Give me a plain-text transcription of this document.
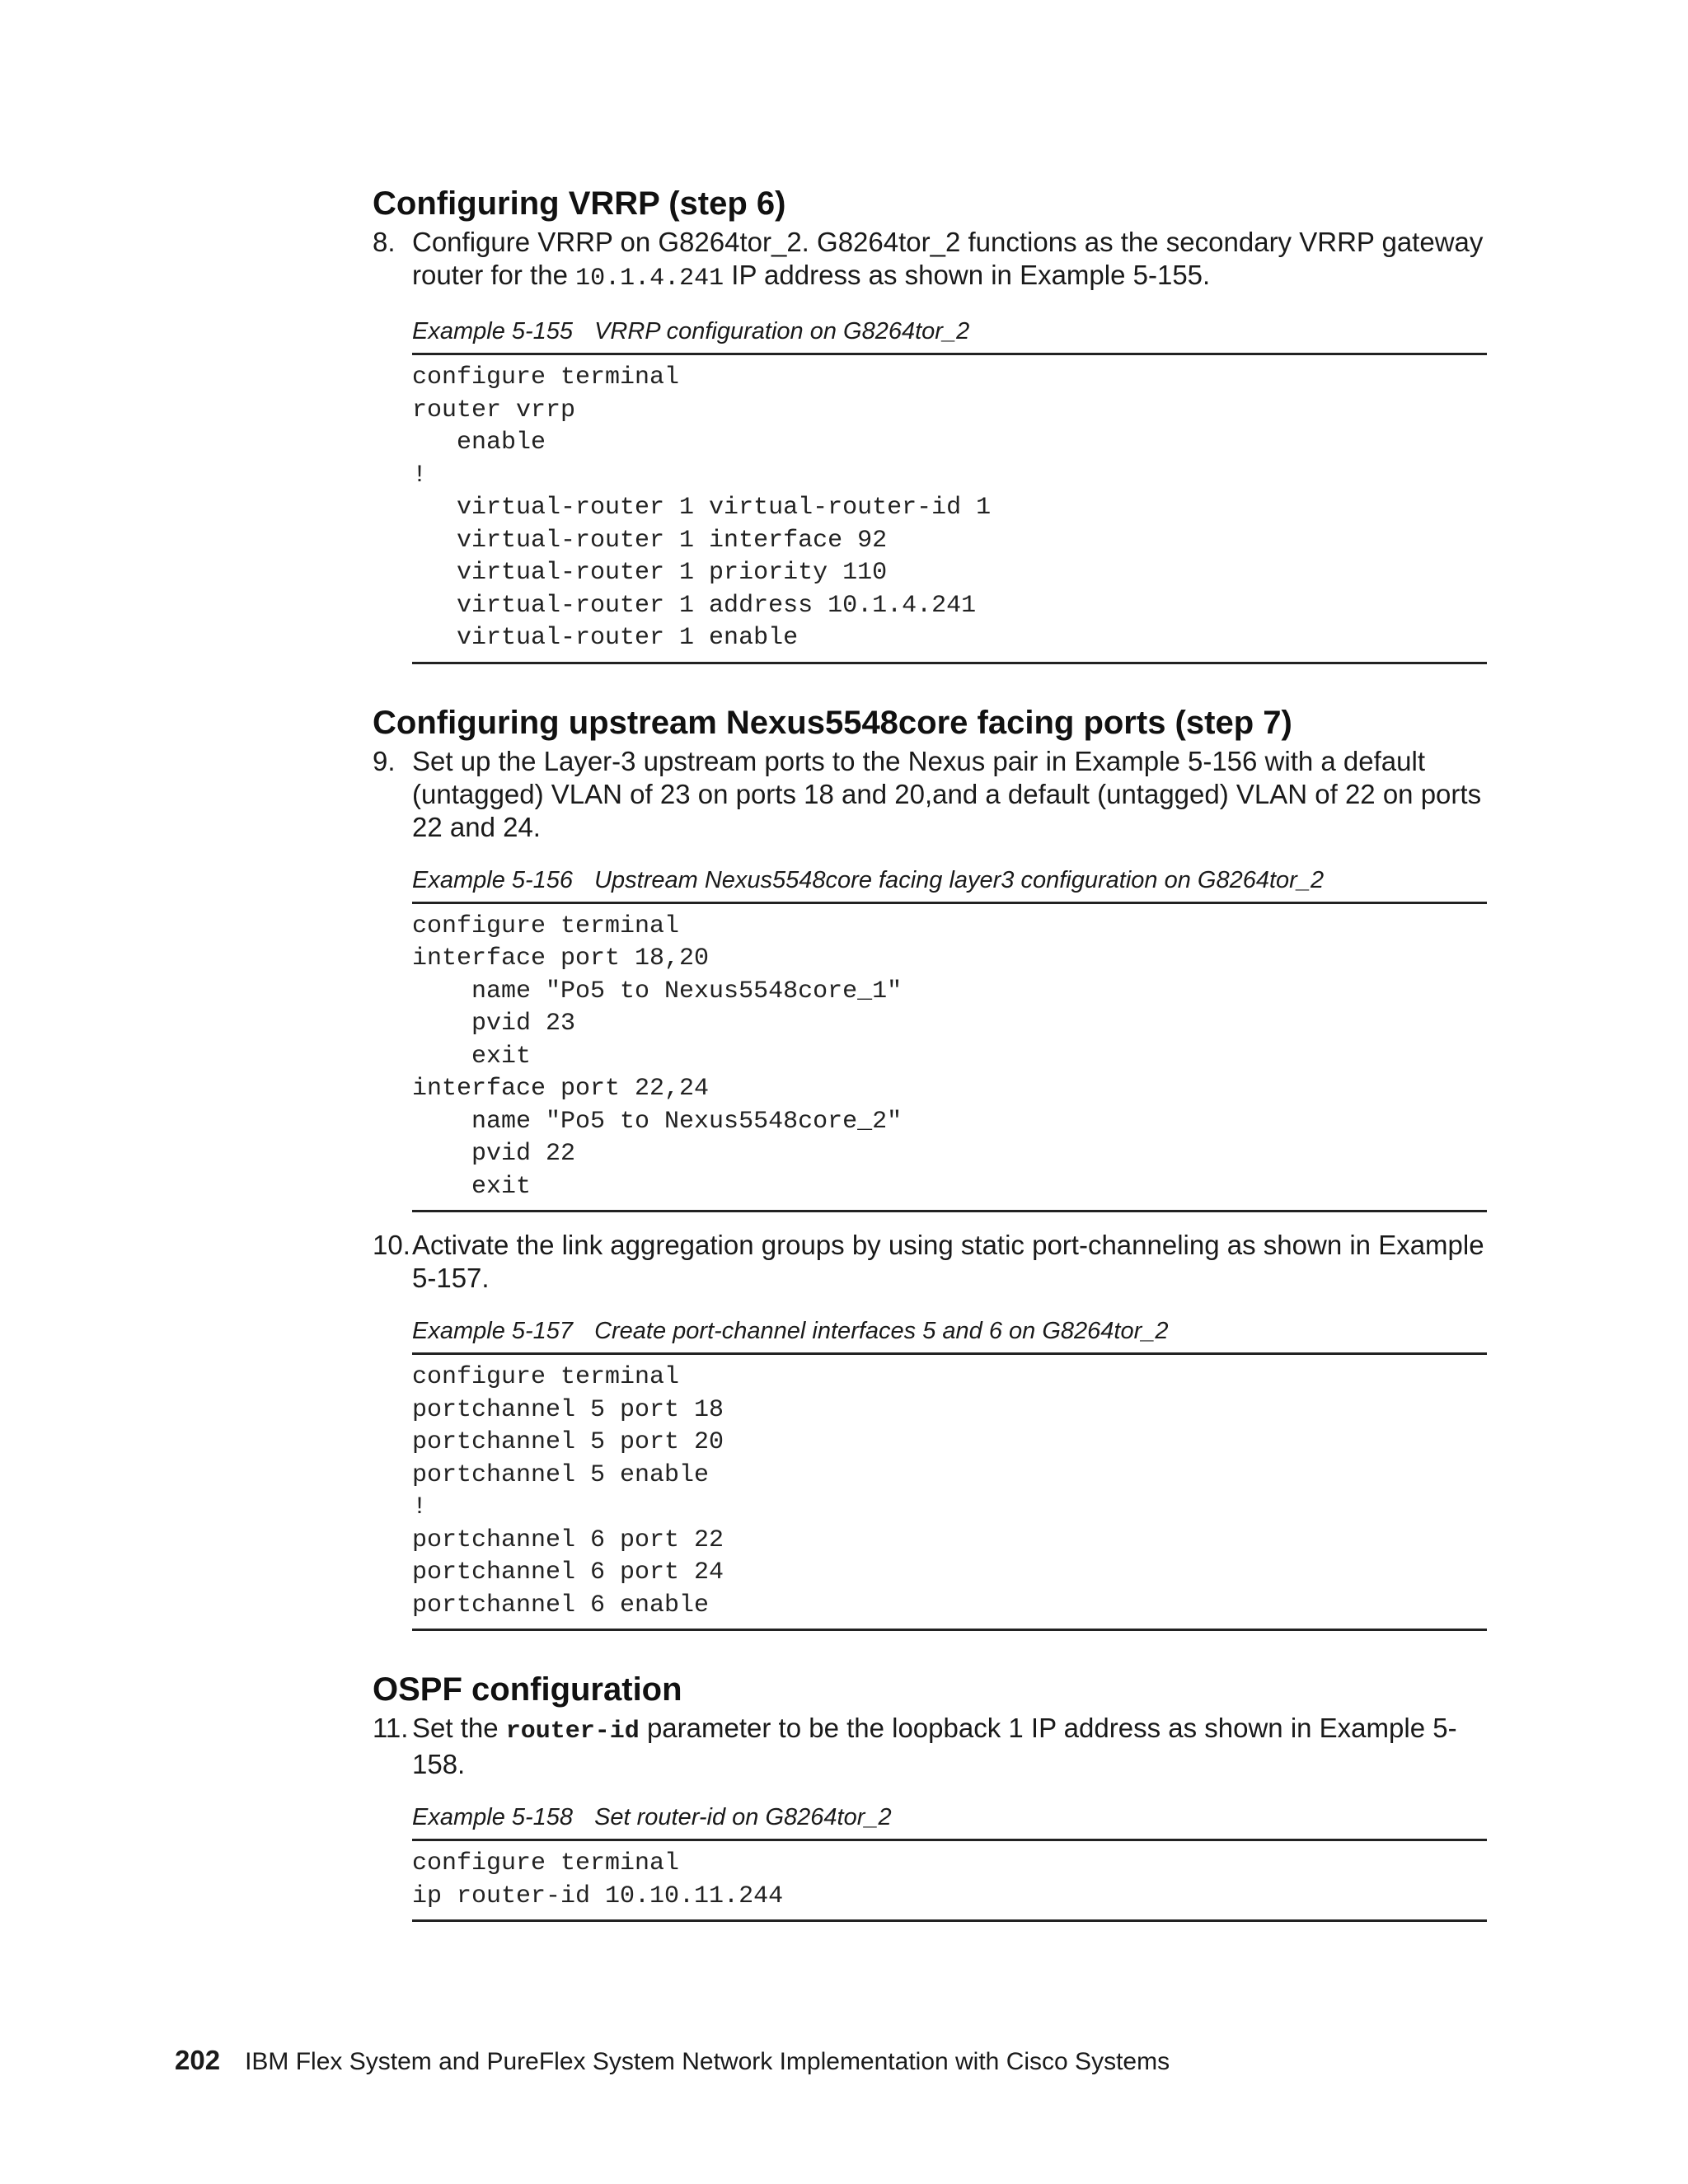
Configuring VRRP (step 6)

8. Configure VRRP on G8264tor_2. G8264tor_2 functions as the secondary VRRP gateway router for the 10.1.4.241 IP address as shown in Example 5-155.

Example 5-155 VRRP configuration on G8264tor_2
configure terminal
router vrrp
enable
!
virtual-router 1 virtual-router-id 1
virtual-router 1 interface 92
virtual-router 1 priority 110
virtual-router 1 address 10.1.4.241
virtual-router 1 enable
Configuring upstream Nexus5548core facing ports (step 7)

9. Set up the Layer-3 upstream ports to the Nexus pair in Example 5-156 with a default (untagged) VLAN of 23 on ports 18 and 20,and a default (untagged) VLAN of 22 on ports 22 and 24.

Example 5-156 Upstream Nexus5548core facing layer3 configuration on G8264tor_2
configure terminal
interface port 18,20
name "Po5 to Nexus5548core_1"
pvid 23
exit
interface port 22,24
name "Po5 to Nexus5548core_2"
pvid 22
exit

10. Activate the link aggregation groups by using static port-channeling as shown in Example 5-157.

Example 5-157 Create port-channel interfaces 5 and 6 on G8264tor_2
configure terminal
portchannel 5 port 18
portchannel 5 port 20
portchannel 5 enable
!
portchannel 6 port 22
portchannel 6 port 24
portchannel 6 enable
OSPF configuration

11. Set the router-id parameter to be the loopback 1 IP address as shown in Example 5-158.

Example 5-158 Set router-id on G8264tor_2
configure terminal
ip router-id 10.10.11.244
202 IBM Flex System and PureFlex System Network Implementation with Cisco Systems
